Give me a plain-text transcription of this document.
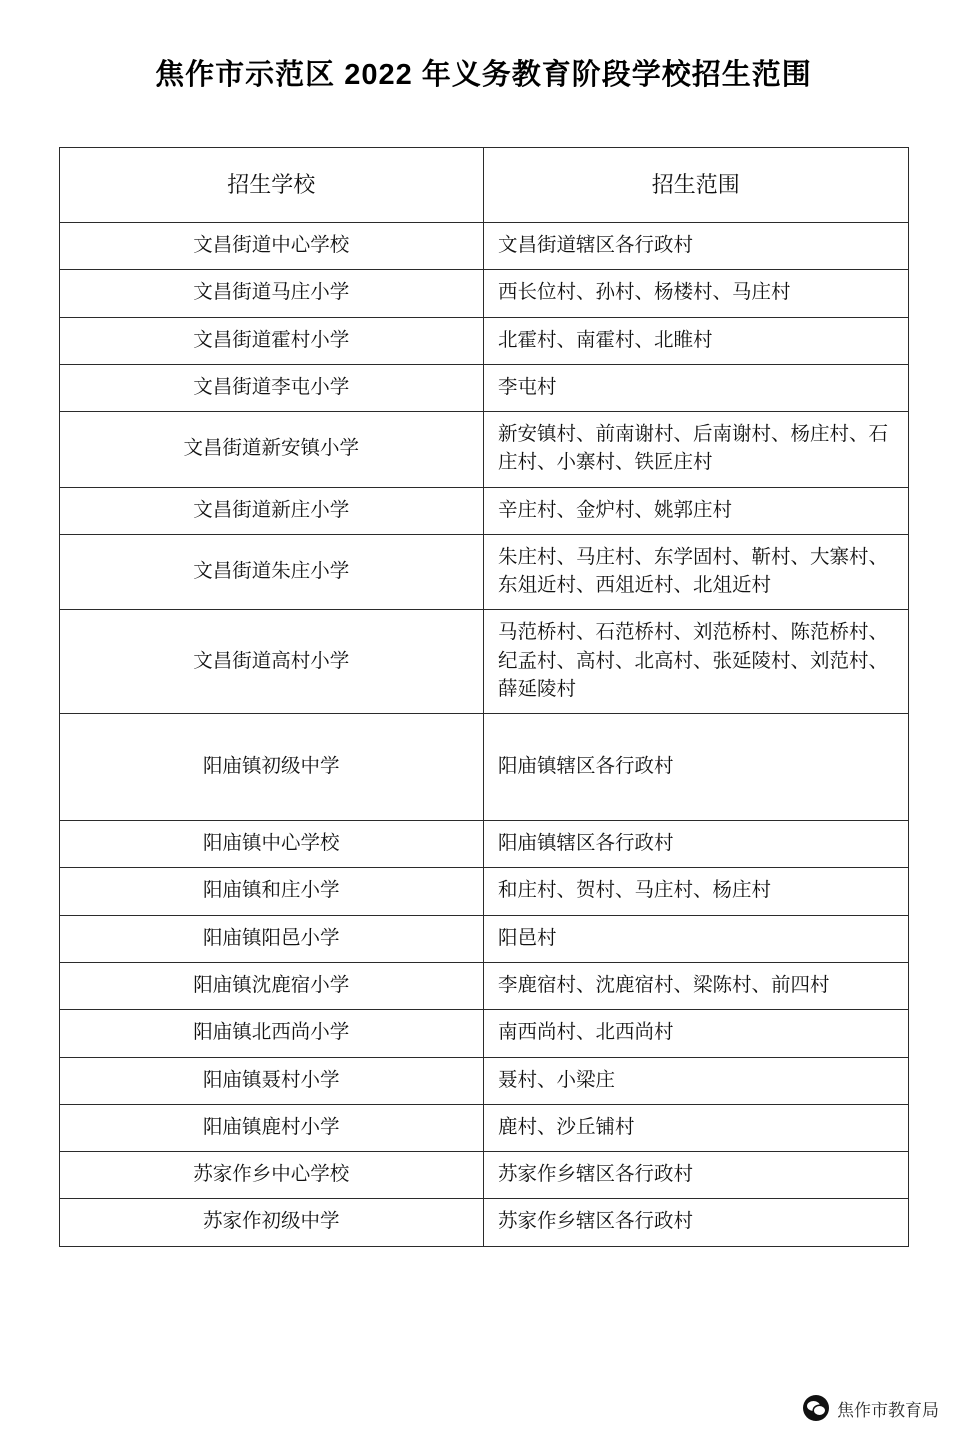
焦作市示范区 2022 年义务教育阶段学校招生范围
招生学校	招生范围
文昌街道中心学校	文昌街道辖区各行政村
文昌街道马庄小学	西长位村、孙村、杨楼村、马庄村
文昌街道霍村小学	北霍村、南霍村、北睢村
文昌街道李屯小学	李屯村
文昌街道新安镇小学	新安镇村、前南谢村、后南谢村、杨庄村、石庄村、小寨村、铁匠庄村
文昌街道新庄小学	辛庄村、金炉村、姚郭庄村
文昌街道朱庄小学	朱庄村、马庄村、东学固村、靳村、大寨村、东俎近村、西俎近村、北俎近村
文昌街道高村小学	马范桥村、石范桥村、刘范桥村、陈范桥村、纪孟村、高村、北高村、张延陵村、刘范村、薛延陵村
阳庙镇初级中学	阳庙镇辖区各行政村
阳庙镇中心学校	阳庙镇辖区各行政村
阳庙镇和庄小学	和庄村、贺村、马庄村、杨庄村
阳庙镇阳邑小学	阳邑村
阳庙镇沈鹿宿小学	李鹿宿村、沈鹿宿村、梁陈村、前四村
阳庙镇北西尚小学	南西尚村、北西尚村
阳庙镇聂村小学	聂村、小梁庄
阳庙镇鹿村小学	鹿村、沙丘铺村
苏家作乡中心学校	苏家作乡辖区各行政村
苏家作初级中学	苏家作乡辖区各行政村
焦作市教育局
